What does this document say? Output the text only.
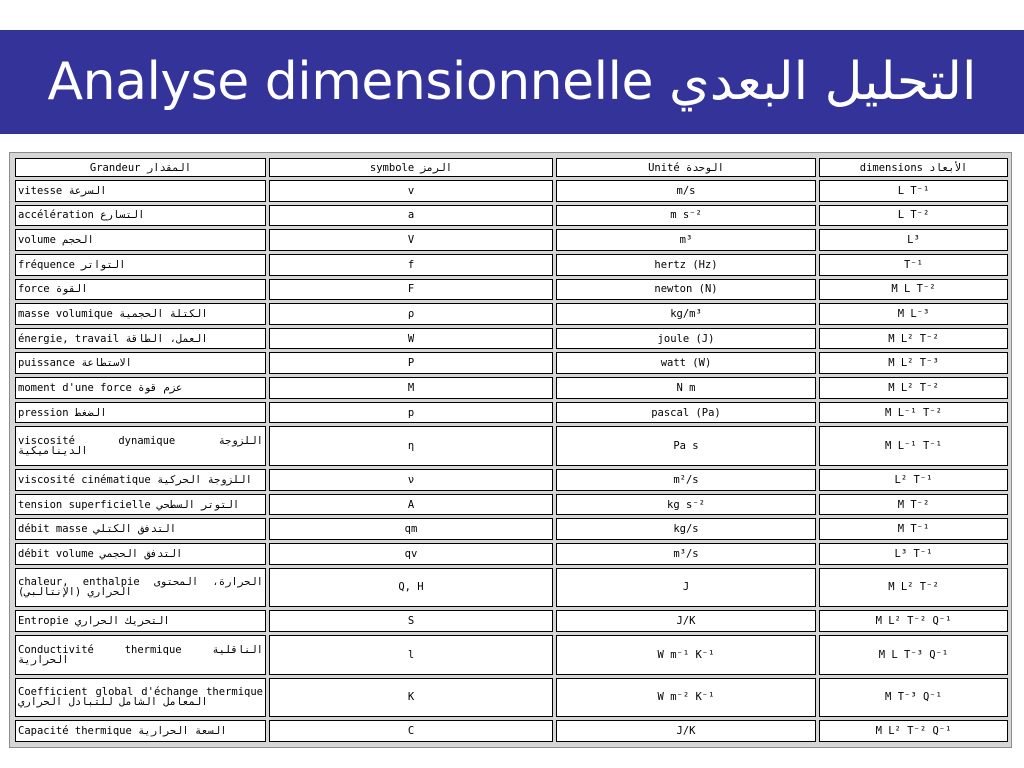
Analyse dimensionnelle التحليل البعدي
Grandeur المقدار	symbole الرمز	Unité الوحدة	dimensions الأبعاد
vitesse السرعة	v	m/s	L T⁻¹
accélération التسارع	a	m s⁻²	L T⁻²
volume الحجم	V	m³	L³
fréquence التواتر	f	hertz (Hz)	T⁻¹
force القوة	F	newton (N)	M L T⁻²
masse volumique الكتلة الحجمية	ρ	kg/m³	M L⁻³
énergie, travail العمل، الطاقة	W	joule (J)	M L² T⁻²
puissance الاستطاعة	P	watt (W)	M L² T⁻³
moment d'une force عزم قوة	M	N m	M L² T⁻²
pression الضغط	p	pascal (Pa)	M L⁻¹ T⁻²
viscosité dynamique اللزوجة الديناميكية	η	Pa s	M L⁻¹ T⁻¹
viscosité cinématique اللزوجة الحركية	ν	m²/s	L² T⁻¹
tension superficielle التوتر السطحي	A	kg s⁻²	M T⁻²
débit masse التدفق الكتلي	qm	kg/s	M T⁻¹
débit volume التدفق الحجمي	qv	m³/s	L³ T⁻¹
chaleur, enthalpie الحرارة، المحتوى الحراري (الإنتالبي)	Q, H	J	M L² T⁻²
Entropie التحريك الحراري	S	J/K	M L² T⁻² Q⁻¹
Conductivité thermique الناقلية الحرارية	l	W m⁻¹ K⁻¹	M L T⁻³ Q⁻¹
Coefficient global d'échange thermique المعامل الشامل للتبادل الحراري	K	W m⁻² K⁻¹	M T⁻³ Q⁻¹
Capacité thermique السعة الحرارية	C	J/K	M L² T⁻² Q⁻¹
